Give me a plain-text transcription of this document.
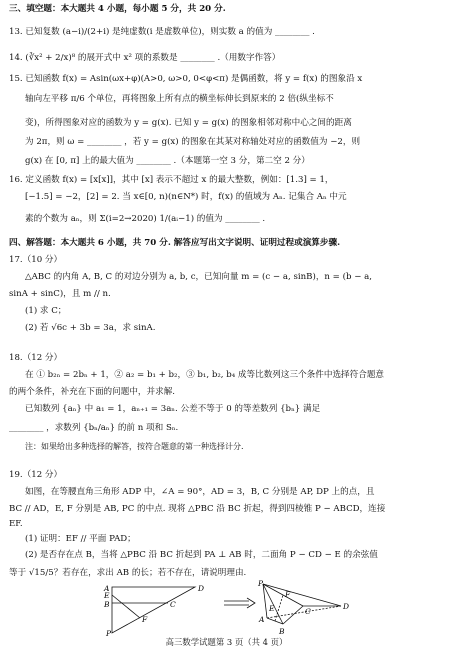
三、填空题：本大题共 4 小题，每小题 5 分，共 20 分.
13. 已知复数 (a−i)/(2+i) 是纯虚数(i 是虚数单位)，则实数 a 的值为 ________ .
14. (∛x² + 2/x)⁸ 的展开式中 x² 项的系数是 ________ .（用数字作答）
15. 已知函数 f(x) = Asin(ωx+φ)(A>0, ω>0, 0<φ<π) 是偶函数，将 y = f(x) 的图象沿 x
轴向左平移 π/6 个单位，再将图象上所有点的横坐标伸长到原来的 2 倍(纵坐标不
变)，所得图象对应的函数为 y = g(x). 已知 y = g(x) 的图象相邻对称中心之间的距离
为 2π，则 ω = ________ ，若 y = g(x) 的图象在其某对称轴处对应的函数值为 −2，则
g(x) 在 [0, π] 上的最大值为 ________ .（本题第一空 3 分，第二空 2 分）
16. 定义函数 f(x) = [x[x]]，其中 [x] 表示不超过 x 的最大整数，例如：[1.3] = 1，
[−1.5] = −2，[2] = 2. 当 x∈[0, n)(n∈N*) 时，f(x) 的值域为 Aₙ. 记集合 Aₙ 中元
素的个数为 aₙ，则 Σ(i=2→2020) 1/(aᵢ−1) 的值为 ________ .
四、解答题：本大题共 6 小题，共 70 分. 解答应写出文字说明、证明过程或演算步骤.
17.（10 分）
△ABC 的内角 A, B, C 的对边分别为 a, b, c，已知向量 m = (c − a, sinB)，n = (b − a,
sinA + sinC)，且 m // n.
(1) 求 C；
(2) 若 √6c + 3b = 3a，求 sinA.
18.（12 分）
在 ① b₂ₙ = 2bₙ + 1，② a₂ = b₁ + b₂，③ b₁, b₂, b₄ 成等比数列这三个条件中选择符合题意
的两个条件，补充在下面的问题中，并求解.
已知数列 {aₙ} 中 a₁ = 1，aₙ₊₁ = 3aₙ. 公差不等于 0 的等差数列 {bₙ} 满足
________ ，求数列 {bₙ/aₙ} 的前 n 项和 Sₙ.
注：如果给出多种选择的解答，按符合题意的第一种选择计分.
19.（12 分）
如图，在等腰直角三角形 ADP 中，∠A = 90°，AD = 3，B, C 分别是 AP, DP 上的点，且
BC // AD，E, F 分别是 AB, PC 的中点. 现将 △PBC 沿 BC 折起，得到四棱锥 P − ABCD，连接
EF.
(1) 证明：EF // 平面 PAD；
(2) 是否存在点 B，当将 △PBC 沿 BC 折起到 PA ⊥ AB 时，二面角 P − CD − E 的余弦值
等于 √15/5？若存在，求出 AB 的长；若不存在，请说明理由.
A
B
E
C
F
P
D
P
F
E
A
B
C
D
高三数学试题第 3 页（共 4 页）
